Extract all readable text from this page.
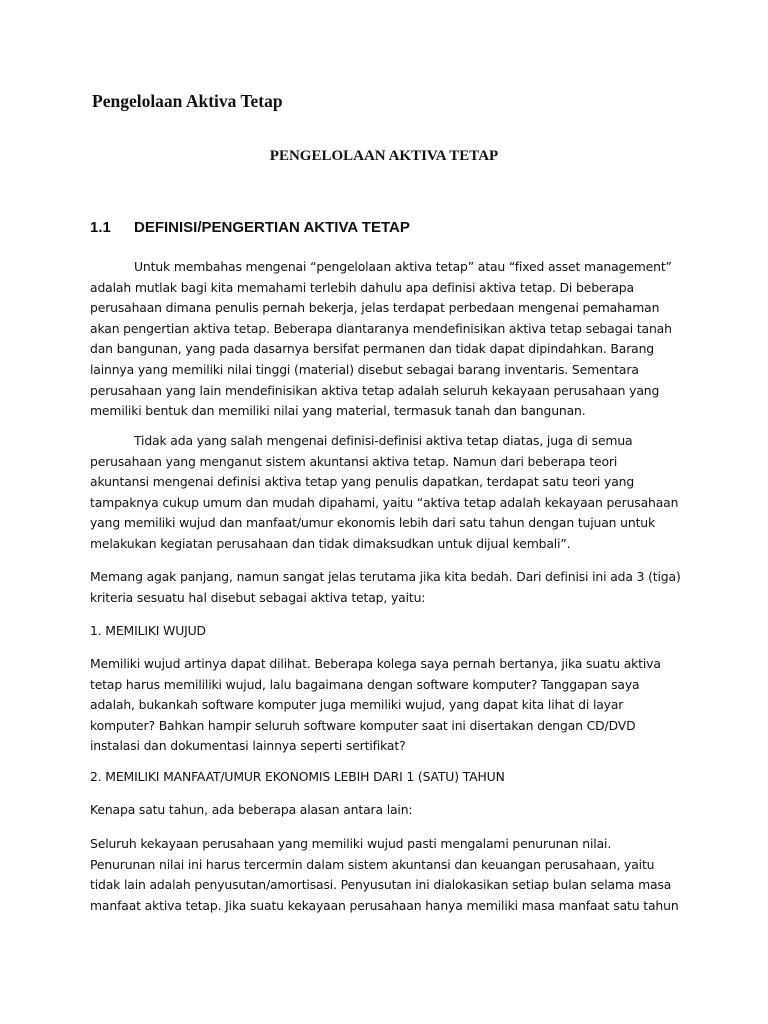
Pengelolaan Aktiva Tetap
PENGELOLAAN AKTIVA TETAP
1.1 DEFINISI/PENGERTIAN AKTIVA TETAP

Untuk membahas mengenai “pengelolaan aktiva tetap” atau “fixed asset management”
adalah mutlak bagi kita memahami terlebih dahulu apa definisi aktiva tetap. Di beberapa
perusahaan dimana penulis pernah bekerja, jelas terdapat perbedaan mengenai pemahaman
akan pengertian aktiva tetap. Beberapa diantaranya mendefinisikan aktiva tetap sebagai tanah
dan bangunan, yang pada dasarnya bersifat permanen dan tidak dapat dipindahkan. Barang
lainnya yang memiliki nilai tinggi (material) disebut sebagai barang inventaris. Sementara
perusahaan yang lain mendefinisikan aktiva tetap adalah seluruh kekayaan perusahaan yang
memiliki bentuk dan memiliki nilai yang material, termasuk tanah dan bangunan.

Tidak ada yang salah mengenai definisi-definisi aktiva tetap diatas, juga di semua
perusahaan yang menganut sistem akuntansi aktiva tetap. Namun dari beberapa teori
akuntansi mengenai definisi aktiva tetap yang penulis dapatkan, terdapat satu teori yang
tampaknya cukup umum dan mudah dipahami, yaitu “aktiva tetap adalah kekayaan perusahaan
yang memiliki wujud dan manfaat/umur ekonomis lebih dari satu tahun dengan tujuan untuk
melakukan kegiatan perusahaan dan tidak dimaksudkan untuk dijual kembali”.

Memang agak panjang, namun sangat jelas terutama jika kita bedah. Dari definisi ini ada 3 (tiga)
kriteria sesuatu hal disebut sebagai aktiva tetap, yaitu:

1. MEMILIKI WUJUD

Memiliki wujud artinya dapat dilihat. Beberapa kolega saya pernah bertanya, jika suatu aktiva
tetap harus memililiki wujud, lalu bagaimana dengan software komputer? Tanggapan saya
adalah, bukankah software komputer juga memiliki wujud, yang dapat kita lihat di layar
komputer? Bahkan hampir seluruh software komputer saat ini disertakan dengan CD/DVD
instalasi dan dokumentasi lainnya seperti sertifikat?

2. MEMILIKI MANFAAT/UMUR EKONOMIS LEBIH DARI 1 (SATU) TAHUN

Kenapa satu tahun, ada beberapa alasan antara lain:

Seluruh kekayaan perusahaan yang memiliki wujud pasti mengalami penurunan nilai.
Penurunan nilai ini harus tercermin dalam sistem akuntansi dan keuangan perusahaan, yaitu
tidak lain adalah penyusutan/amortisasi. Penyusutan ini dialokasikan setiap bulan selama masa
manfaat aktiva tetap. Jika suatu kekayaan perusahaan hanya memiliki masa manfaat satu tahun
